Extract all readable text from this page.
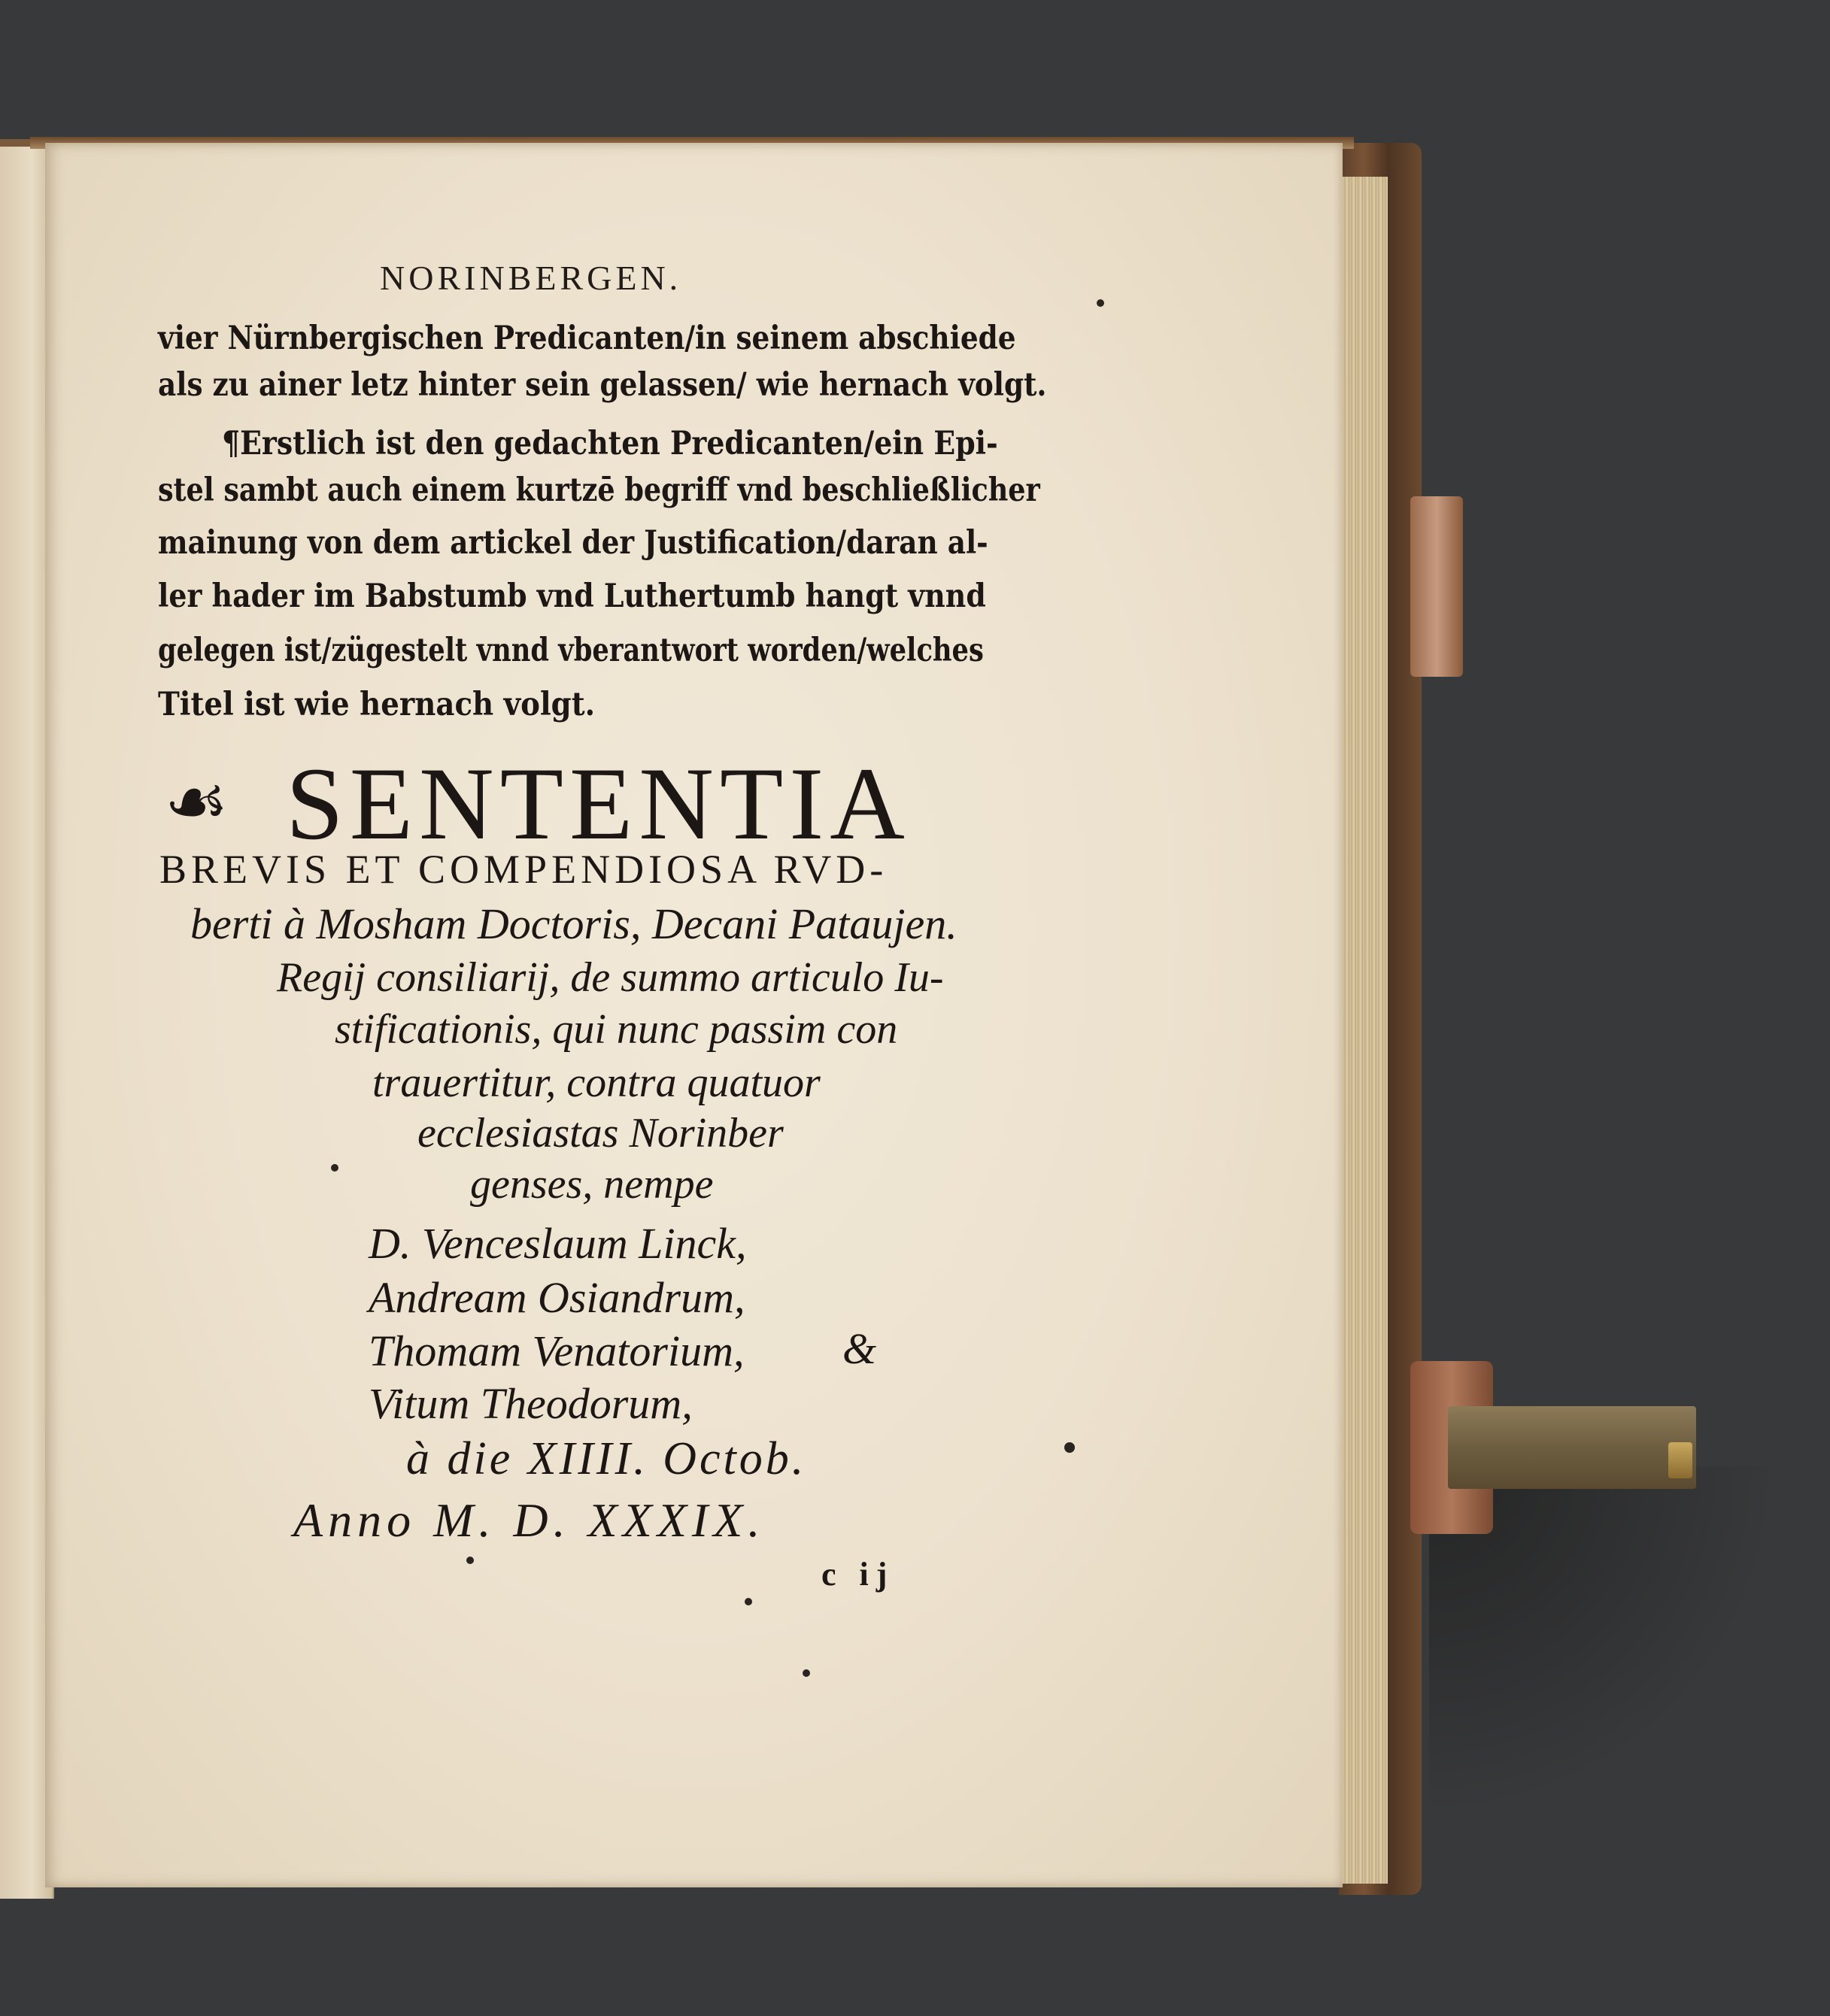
NORINBERGEN.
vier Nürnbergischen Predicanten/in seinem abschiede
als zu ainer letz hinter sein gelassen/ wie hernach volgt.
¶Erstlich ist den gedachten Predicanten/ein Epi-
stel sambt auch einem kurtzē begriff vnd beschließlicher
mainung von dem artickel der Justification/daran al-
ler hader im Babstumb vnd Luthertumb hangt vnnd
gelegen ist/zügestelt vnnd vberantwort worden/welches
Titel ist wie hernach volgt.
☙ SENTENTIA
BREVIS ET COMPENDIOSA RVD-
berti à Mosham Doctoris, Decani Pataujen.
Regij consiliarij, de summo articulo Iu-
stificationis, qui nunc passim con
trauertitur, contra quatuor
ecclesiastas Norinber
genses, nempe
D. Venceslaum Linck,
Andream Osiandrum,
Thomam Venatorium, &
Vitum Theodorum,
à die XIIII. Octob.
Anno M. D. XXXIX.
c ij
